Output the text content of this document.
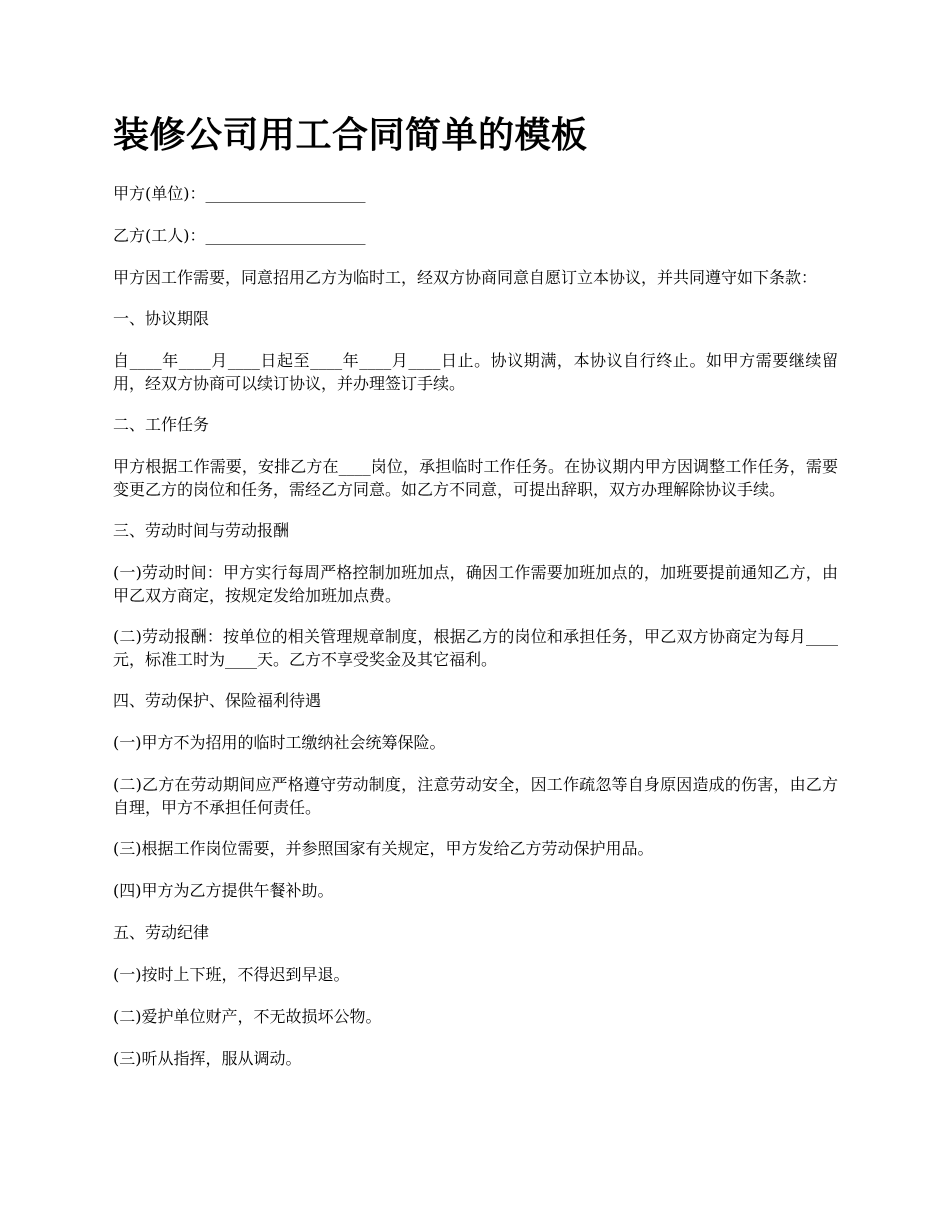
装修公司用工合同简单的模板

甲方(单位)：____________________

乙方(工人)：____________________

甲方因工作需要，同意招用乙方为临时工，经双方协商同意自愿订立本协议，并共同遵守如下条款：

一、协议期限

自____年____月____日起至____年____月____日止。协议期满，本协议自行终止。如甲方需要继续留用，经双方协商可以续订协议，并办理签订手续。

二、工作任务

甲方根据工作需要，安排乙方在____岗位，承担临时工作任务。在协议期内甲方因调整工作任务，需要变更乙方的岗位和任务，需经乙方同意。如乙方不同意，可提出辞职，双方办理解除协议手续。

三、劳动时间与劳动报酬

(一)劳动时间：甲方实行每周严格控制加班加点，确因工作需要加班加点的，加班要提前通知乙方，由甲乙双方商定，按规定发给加班加点费。

(二)劳动报酬：按单位的相关管理规章制度，根据乙方的岗位和承担任务，甲乙双方协商定为每月____元，标准工时为____天。乙方不享受奖金及其它福利。

四、劳动保护、保险福利待遇

(一)甲方不为招用的临时工缴纳社会统筹保险。

(二)乙方在劳动期间应严格遵守劳动制度，注意劳动安全，因工作疏忽等自身原因造成的伤害，由乙方自理，甲方不承担任何责任。

(三)根据工作岗位需要，并参照国家有关规定，甲方发给乙方劳动保护用品。

(四)甲方为乙方提供午餐补助。

五、劳动纪律

(一)按时上下班，不得迟到早退。

(二)爱护单位财产，不无故损坏公物。

(三)听从指挥，服从调动。
